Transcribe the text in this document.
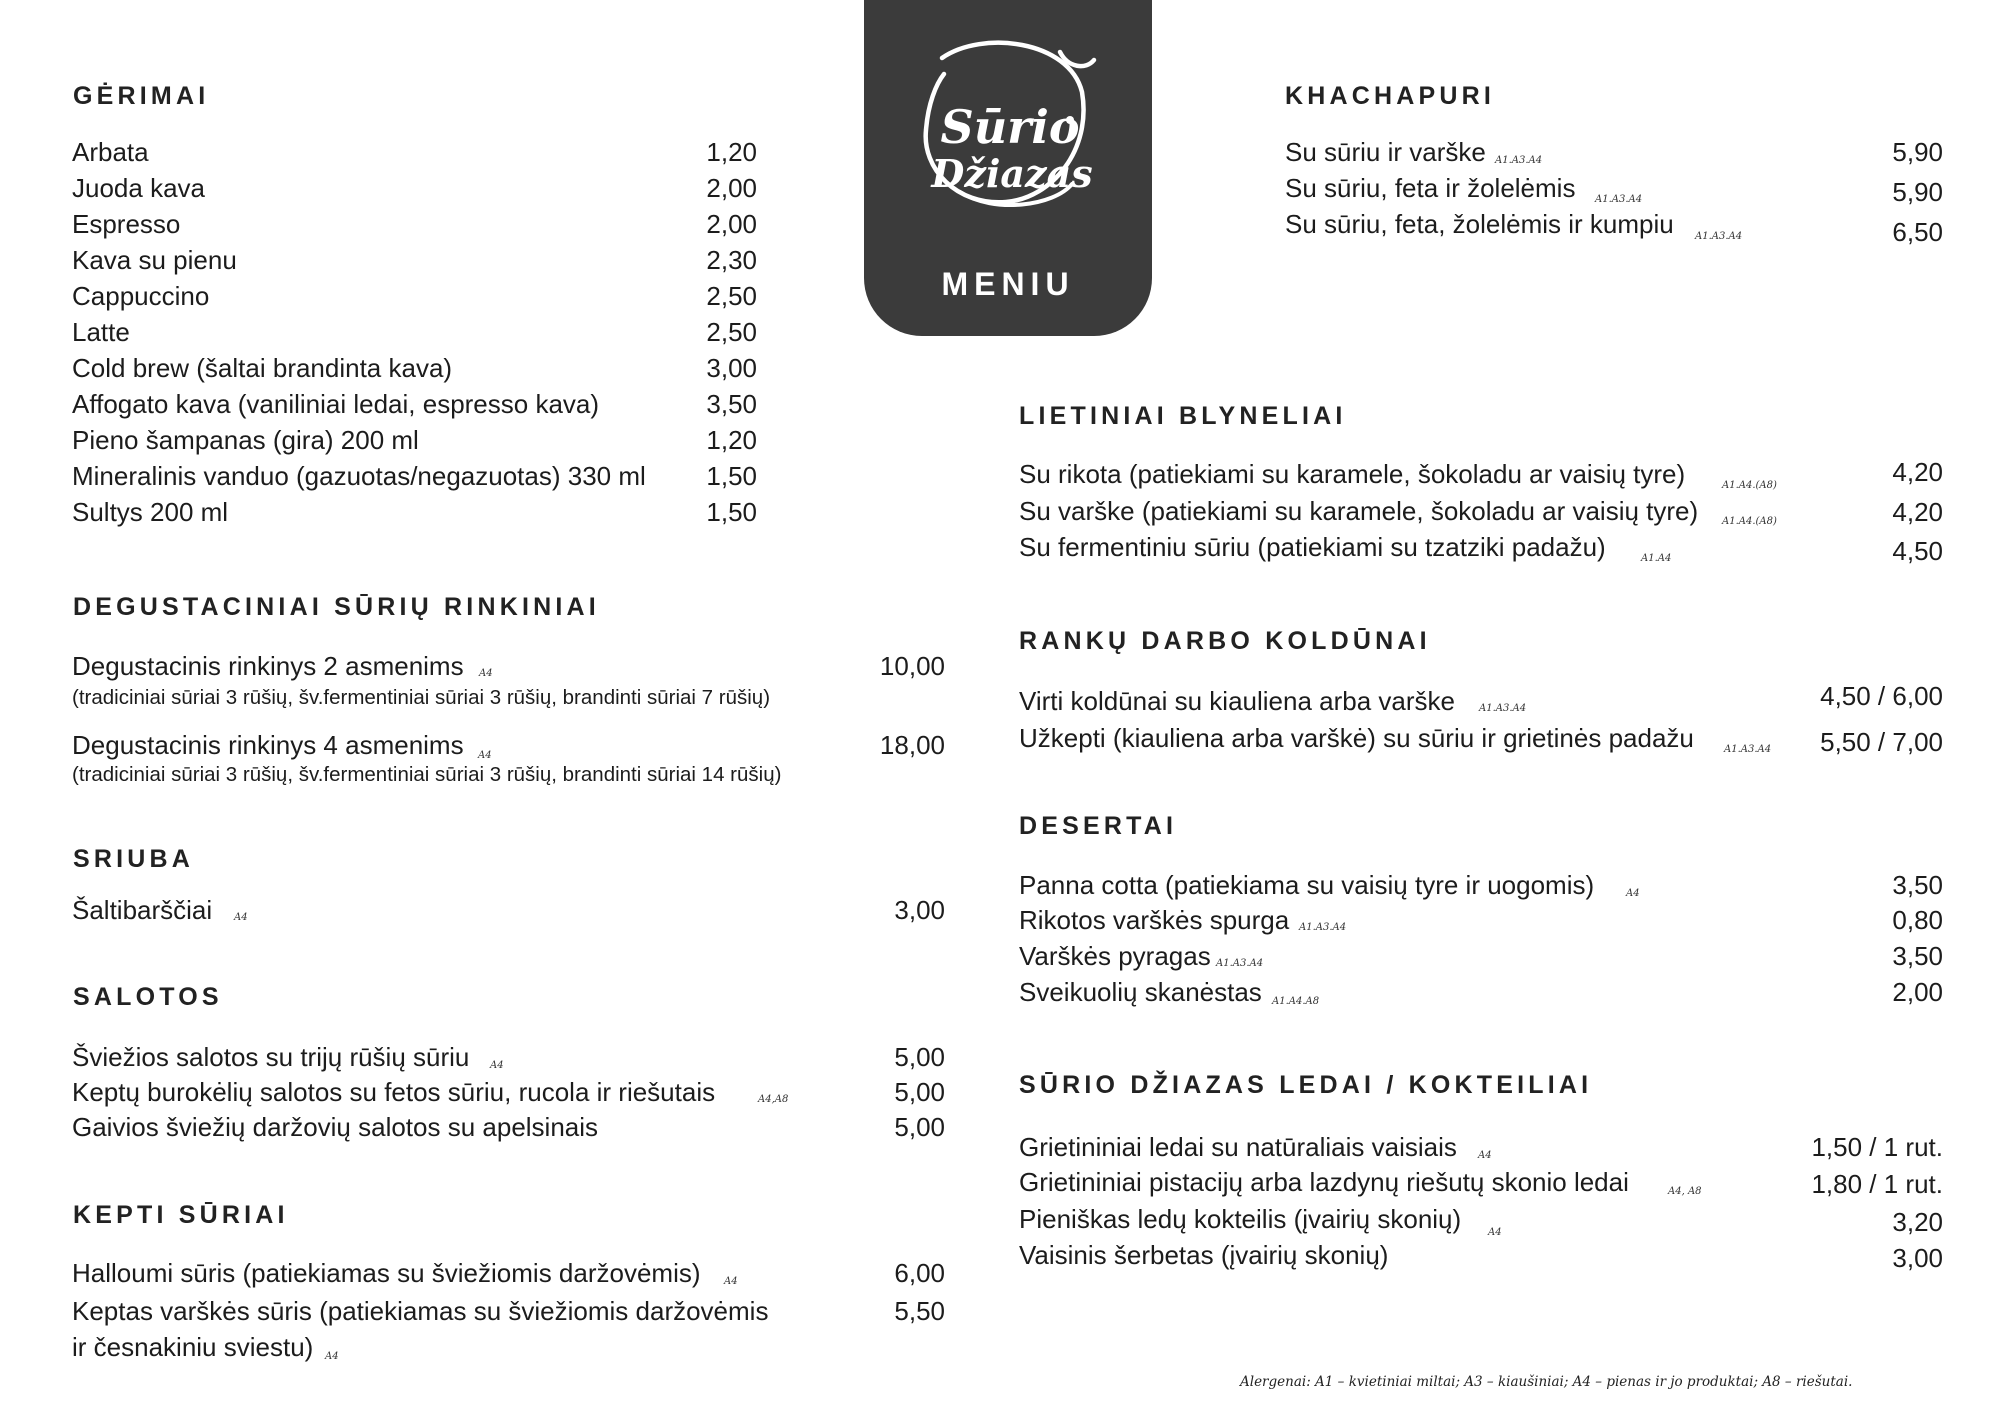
Sūrio
Džiazas
MENIU
GĖRIMAI
Arbata	1,20
Juoda kava	2,00
Espresso	2,00
Kava su pienu	2,30
Cappuccino	2,50
Latte	2,50
Cold brew (šaltai brandinta kava)	3,00
Affogato kava (vaniliniai ledai, espresso kava)	3,50
Pieno šampanas (gira) 200 ml	1,20
Mineralinis vanduo (gazuotas/negazuotas) 330 ml	1,50
Sultys 200 ml	1,50
DEGUSTACINIAI SŪRIŲ RINKINIAI
Degustacinis rinkinys 2 asmenims A4	10,00
(tradiciniai sūriai 3 rūšių, šv.fermentiniai sūriai 3 rūšių, brandinti sūriai 7 rūšių)
Degustacinis rinkinys 4 asmenims A4	18,00
(tradiciniai sūriai 3 rūšių, šv.fermentiniai sūriai 3 rūšių, brandinti sūriai 14 rūšių)
SRIUBA
Šaltibarščiai A4	3,00
SALOTOS
Šviežios salotos su trijų rūšių sūriu A4	5,00
Keptų burokėlių salotos su fetos sūriu, rucola ir riešutais	A4,A8	5,00
Gaivios šviežių daržovių salotos su apelsinais	5,00
KEPTI SŪRIAI
Halloumi sūris (patiekiamas su šviežiomis daržovėmis) A4	6,00
Keptas varškės sūris (patiekiamas su šviežiomis daržovėmis	5,50
ir česnakiniu sviestu) A4
KHACHAPURI
Su sūriu ir varške A1.A3.A4	5,90
Su sūriu, feta ir žolelėmis A1.A3.A4	5,90
Su sūriu, feta, žolelėmis ir kumpiu A1.A3.A4	6,50
LIETINIAI BLYNELIAI
Su rikota (patiekiami su karamele, šokoladu ar vaisių tyre)	A1.A4.(A8)	4,20
Su varške (patiekiami su karamele, šokoladu ar vaisių tyre) A1.A4.(A8)	4,20
Su fermentiniu sūriu (patiekiami su tzatziki padažu)	A1.A4	4,50
RANKŲ DARBO KOLDŪNAI
Virti koldūnai su kiauliena arba varške A1.A3.A4	4,50 / 6,00
Užkepti (kiauliena arba varškė) su sūriu ir grietinės padažu	A1.A3.A4	5,50 / 7,00
DESERTAI
Panna cotta (patiekiama su vaisių tyre ir uogomis)	A4	3,50
Rikotos varškės spurga A1.A3.A4	0,80
Varškės pyragas A1.A3.A4	3,50
Sveikuolių skanėstas A1.A4.A8	2,00
SŪRIO DŽIAZAS LEDAI / KOKTEILIAI
Grietininiai ledai su natūraliais vaisiais A4	1,50 / 1 rut.
Grietininiai pistacijų arba lazdynų riešutų skonio ledai	A4, A8	1,80 / 1 rut.
Pieniškas ledų kokteilis (įvairių skonių)	A4	3,20
Vaisinis šerbetas (įvairių skonių)	3,00
Alergenai: A1 – kvietiniai miltai; A3 – kiaušiniai; A4 – pienas ir jo produktai; A8 – riešutai.
